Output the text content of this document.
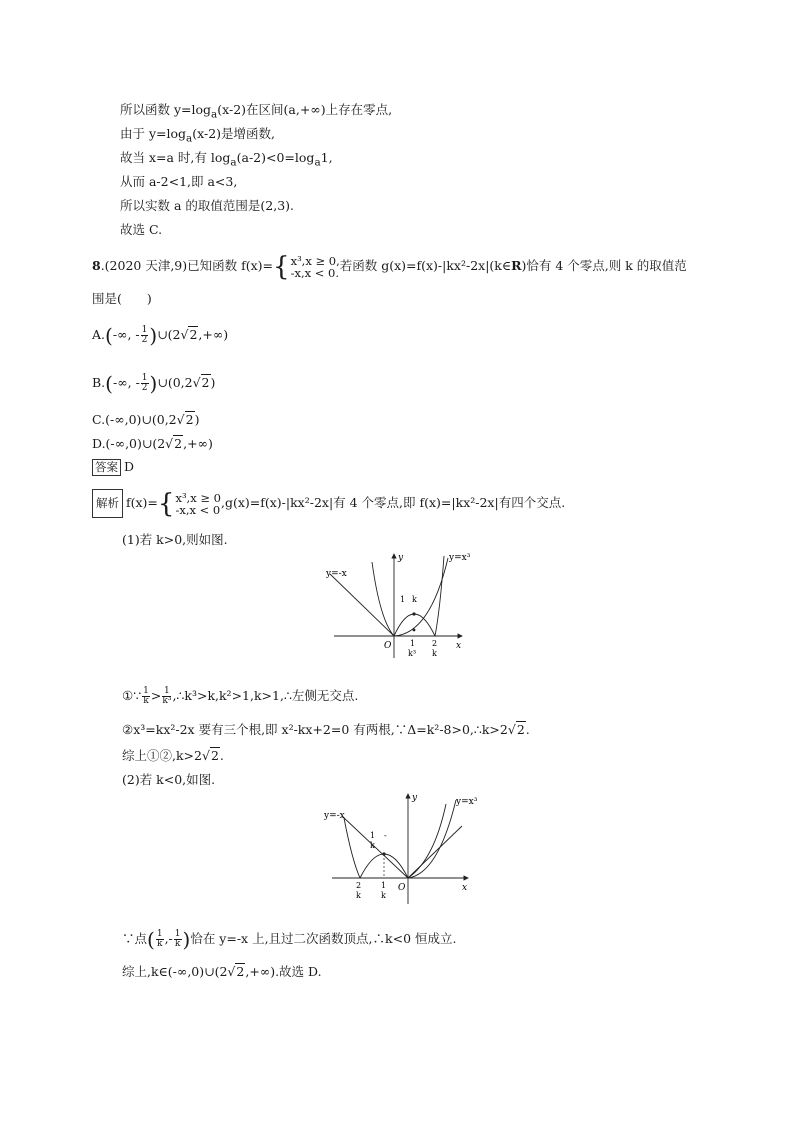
所以函数 $y=\log_a(x-2)$在区间(a,+∞)上存在零点,
由于 $y=\log_a(x-2)$是增函数,
故当 x=a 时,有 $\log_a(a-2)<0=\log_a1$,
从而 a-2<1,即 a<3,
所以实数 a 的取值范围是(2,3).
故选 C.
8.(2020 天津,9)已知函数 f(x)= { x³,x ≥ 0,
-x,x < 0. 若函数 g(x)=f(x)-|kx²-2x|(k∈R)恰有 4 个零点,则 k 的取值范
围是(　　)
A.(-∞, - $\frac{1}{2}$ )∪(2√2,+∞)
B.(-∞, - $\frac{1}{2}$ )∪(0,2√2)
C.(-∞,0)∪(0,2√2)
D.(-∞,0)∪(2√2,+∞)
答案 D
解析 f(x)= { x³,x ≥ 0
-x,x < 0 ,g(x)=f(x)-|kx²-2x|有 4 个零点,即 f(x)=|kx²-2x|有四个交点.
(1)若 k>0,则如图.
y=-x
y=x³
y
x
O
1 k
1
k³
2
k
①∵ $\frac{1}{k} > \frac{1}{\text{k³}}$ ,∴k³>k,k²>1,k>1,∴左侧无交点.
②x³=kx²-2x 要有三个根,即 x²-kx+2=0 有两根,∵Δ=k²-8>0,∴k>2√2.
综上①②,k>2√2.
(2)若 k<0,如图.
y=-x
y=x³
y
x
O
1
k
-
2
k
1
k
∵点( $\frac{1}{k}$ ,- $\frac{1}{k}$ )恰在 y=-x 上,且过二次函数顶点,∴k<0 恒成立.
综上,k∈(-∞,0)∪(2√2,+∞).故选 D.
